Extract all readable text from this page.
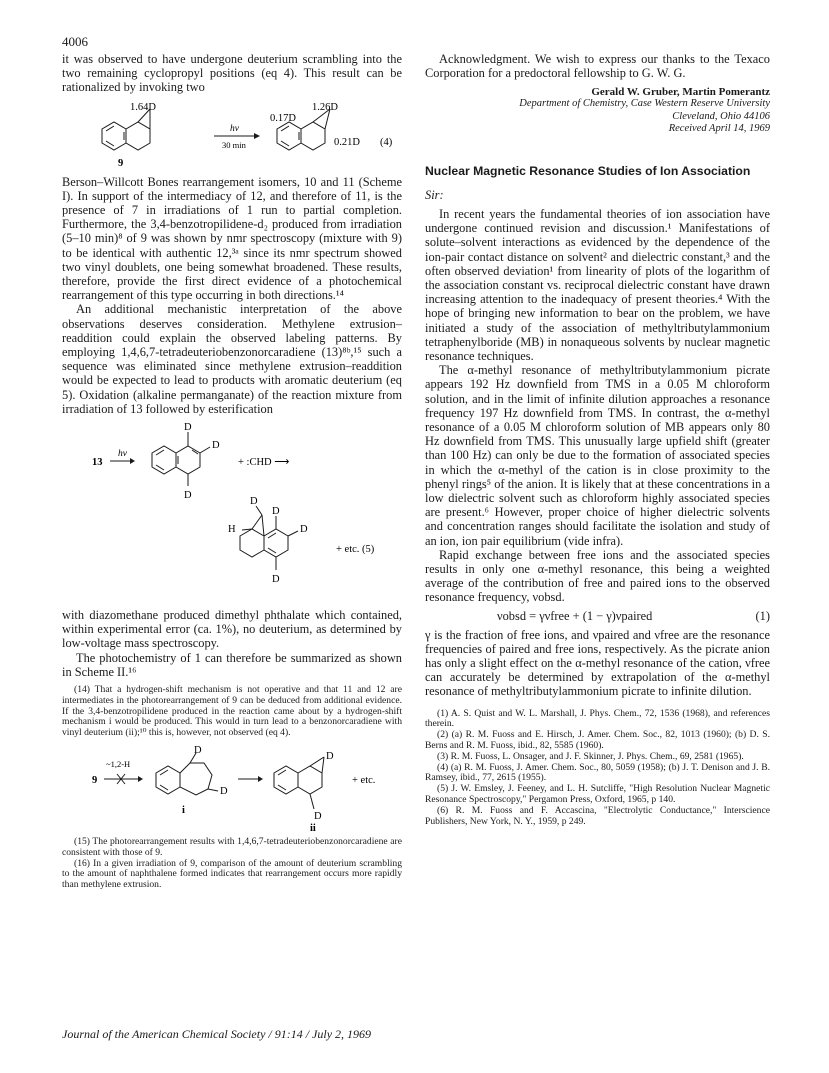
4006

it was observed to have undergone deuterium scrambling into the two remaining cyclopropyl positions (eq 4). This result can be rationalized by invoking two

1.64D
9
hν
30 min
1.26D
0.17D
0.21D (4)

Berson–Willcott Bones rearrangement isomers, 10 and 11 (Scheme I). In support of the intermediacy of 12, and therefore of 11, is the presence of 7 in irradiations of 1 run to partial completion. Furthermore, the 3,4-benzotropilidene-d₂ produced from irradiation (5–10 min)⁸ of 9 was shown by nmr spectroscopy (mixture with 9) to be identical with authentic 12,³ᵃ since its nmr spectrum showed two vinyl doublets, one being somewhat broadened. These results, therefore, provide the first direct evidence of a photochemical rearrangement of this type occurring in both directions.¹⁴

An additional mechanistic interpretation of the above observations deserves consideration. Methylene extrusion–readdition could explain the observed labeling patterns. By employing 1,4,6,7-tetradeuteriobenzonorcaradiene (13)⁸ᵇ,¹⁵ such a sequence was eliminated since methylene extrusion–readdition would be expected to lead to products with aromatic deuterium (eq 5). Oxidation (alkaline permanganate) of the reaction mixture from irradiation of 13 followed by esterification

13
hν
D
D
D
+ :CHD ⟶
D
D
D
D
H
+ etc. (5)

with diazomethane produced dimethyl phthalate which contained, within experimental error (ca. 1%), no deuterium, as determined by low-voltage mass spectroscopy.

The photochemistry of 1 can therefore be summarized as shown in Scheme II.¹⁶

(14) That a hydrogen-shift mechanism is not operative and that 11 and 12 are intermediates in the photorearrangement of 9 can be deduced from additional evidence. If the 3,4-benzotropilidene produced in the reaction came about by a hydrogen-shift mechanism i would be produced. This would in turn lead to a benzonorcaradiene with vinyl deuterium (ii);¹⁰ this is, however, not observed (eq 4).

9
~1,2-H
D
D
i
D
D
ii
+ etc.

(15) The photorearrangement results with 1,4,6,7-tetradeuteriobenzonorcaradiene are consistent with those of 9.

(16) In a given irradiation of 9, comparison of the amount of deuterium scrambling to the amount of naphthalene formed indicates that rearrangement occurs more rapidly than methylene extrusion.

Acknowledgment. We wish to express our thanks to the Texaco Corporation for a predoctoral fellowship to G. W. G.

Gerald W. Gruber, Martin Pomerantz
Department of Chemistry, Case Western Reserve University
Cleveland, Ohio 44106
Received April 14, 1969
Nuclear Magnetic Resonance Studies of Ion Association
Sir:

In recent years the fundamental theories of ion association have undergone continued revision and discussion.¹ Manifestations of solute–solvent interactions as evidenced by the dependence of the ion-pair contact distance on solvent² and dielectric constant,³ and the often observed deviation¹ from linearity of plots of the logarithm of the association constant vs. reciprocal dielectric constant have drawn increasing attention to the inadequacy of present theories.⁴ With the hope of bringing new information to bear on the problem, we have initiated a study of the association of methyltributylammonium tetraphenylboride (MB) in nonaqueous solvents by nuclear magnetic resonance techniques.

The α-methyl resonance of methyltributylammonium picrate appears 192 Hz downfield from TMS in a 0.05 M chloroform solution, and in the limit of infinite dilution approaches a resonance frequency 197 Hz downfield from TMS. In contrast, the α-methyl resonance of a 0.05 M chloroform solution of MB appears only 80 Hz downfield from TMS. This unusually large upfield shift (greater than 100 Hz) can only be due to the formation of associated species in which the α-methyl of the cation is in close proximity to the phenyl rings⁵ of the anion. It is likely that at these concentrations in a low dielectric solvent such as chloroform highly associated species are present.⁶ However, proper choice of higher dielectric solvents and concentration ranges should facilitate the isolation and study of an ion, ion pair equilibrium (vide infra).

Rapid exchange between free ions and the associated species results in only one α-methyl resonance, this being a weighted average of the contribution of free and paired ions to the observed resonance frequency, νobsd.

νobsd = γνfree + (1 − γ)νpaired	(1)

γ is the fraction of free ions, and νpaired and νfree are the resonance frequencies of paired and free ions, respectively. As the picrate anion has only a slight effect on the α-methyl resonance of the cation, νfree can accurately be determined by extrapolation of the α-methyl resonance of methyltributylammonium picrate to infinite dilution.

(1) A. S. Quist and W. L. Marshall, J. Phys. Chem., 72, 1536 (1968), and references therein.

(2) (a) R. M. Fuoss and E. Hirsch, J. Amer. Chem. Soc., 82, 1013 (1960); (b) D. S. Berns and R. M. Fuoss, ibid., 82, 5585 (1960).

(3) R. M. Fuoss, L. Onsager, and J. F. Skinner, J. Phys. Chem., 69, 2581 (1965).

(4) (a) R. M. Fuoss, J. Amer. Chem. Soc., 80, 5059 (1958); (b) J. T. Denison and J. B. Ramsey, ibid., 77, 2615 (1955).

(5) J. W. Emsley, J. Feeney, and L. H. Sutcliffe, "High Resolution Nuclear Magnetic Resonance Spectroscopy," Pergamon Press, Oxford, 1965, p 140.

(6) R. M. Fuoss and F. Accascina, "Electrolytic Conductance," Interscience Publishers, New York, N. Y., 1959, p 249.

Journal of the American Chemical Society / 91:14 / July 2, 1969
